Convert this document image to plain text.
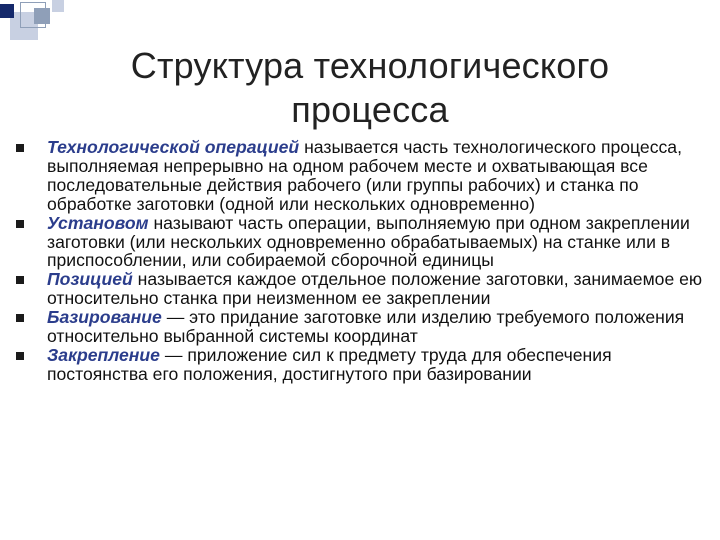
Структура технологического процесса
Технологической операцией называется часть технологического процесса, выполняемая непрерывно на одном рабочем месте и охватывающая все последовательные действия рабочего (или группы рабочих) и станка по обработке заготовки (одной или нескольких одновременно)
Установом называют часть операции, выполняемую при одном закреплении заготовки (или нескольких одновременно обрабатываемых) на станке или в приспособлении, или собираемой сборочной единицы
Позицией называется каждое отдельное положение заготовки, занимаемое ею относительно станка при неизменном ее закреплении
Базирование — это придание заготовке или изделию требуемого положения относительно выбранной системы координат
Закрепление — приложение сил к предмету труда для обеспечения постоянства его положения, достигнутого при базировании
